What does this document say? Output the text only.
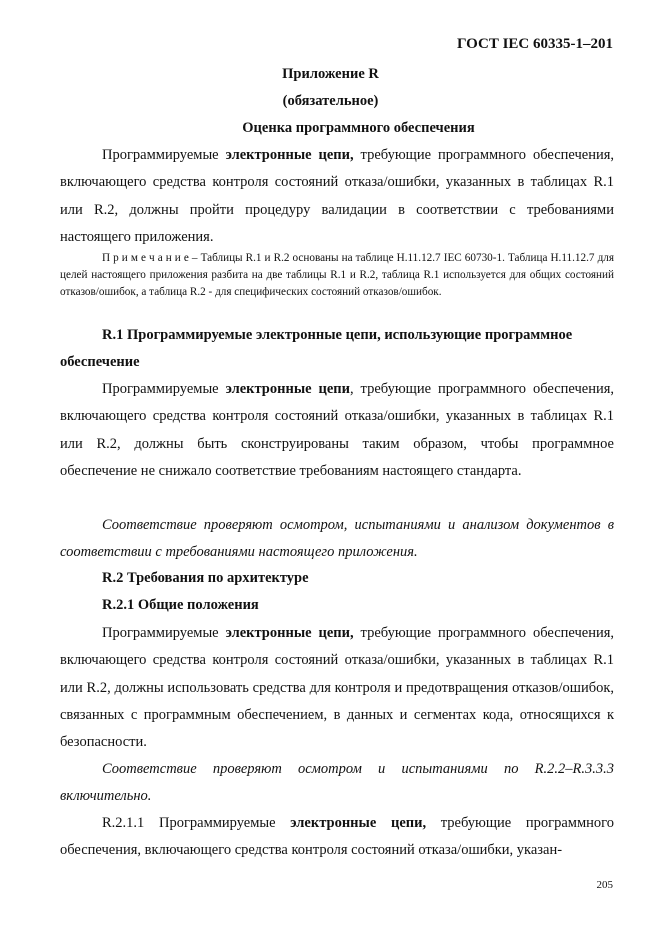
ГОСТ IEC 60335-1–201
Приложение R
(обязательное)
Оценка программного обеспечения

Программируемые электронные цепи, требующие программного обеспечения, включающего средства контроля состояний отказа/ошибки, указанных в таблицах R.1 или R.2, должны пройти процедуру валидации в соответствии с требованиями настоящего приложения.

П р и м е ч а н и е – Таблицы R.1 и R.2 основаны на таблице H.11.12.7 IEC 60730-1. Таблица H.11.12.7 для целей настоящего приложения разбита на две таблицы R.1 и R.2, таблица R.1 используется для общих состояний отказов/ошибок, а таблица R.2 - для специфических состояний отказов/ошибок.

R.1 Программируемые электронные цепи, использующие программное обеспечение

Программируемые электронные цепи, требующие программного обеспечения, включающего средства контроля состояний отказа/ошибки, указанных в таблицах R.1 или R.2, должны быть сконструированы таким образом, чтобы программное обеспечение не снижало соответствие требованиям настоящего стандарта.

Соответствие проверяют осмотром, испытаниями и анализом документов в соответствии с требованиями настоящего приложения.

R.2 Требования по архитектуре
R.2.1 Общие положения

Программируемые электронные цепи, требующие программного обеспечения, включающего средства контроля состояний отказа/ошибки, указанных в таблицах R.1 или R.2, должны использовать средства для контроля и предотвращения отказов/ошибок, связанных с программным обеспечением, в данных и сегментах кода, относящихся к безопасности.

Соответствие проверяют осмотром и испытаниями по R.2.2–R.3.3.3 включительно.

R.2.1.1 Программируемые электронные цепи, требующие программного обеспечения, включающего средства контроля состояний отказа/ошибки, указан-

205
